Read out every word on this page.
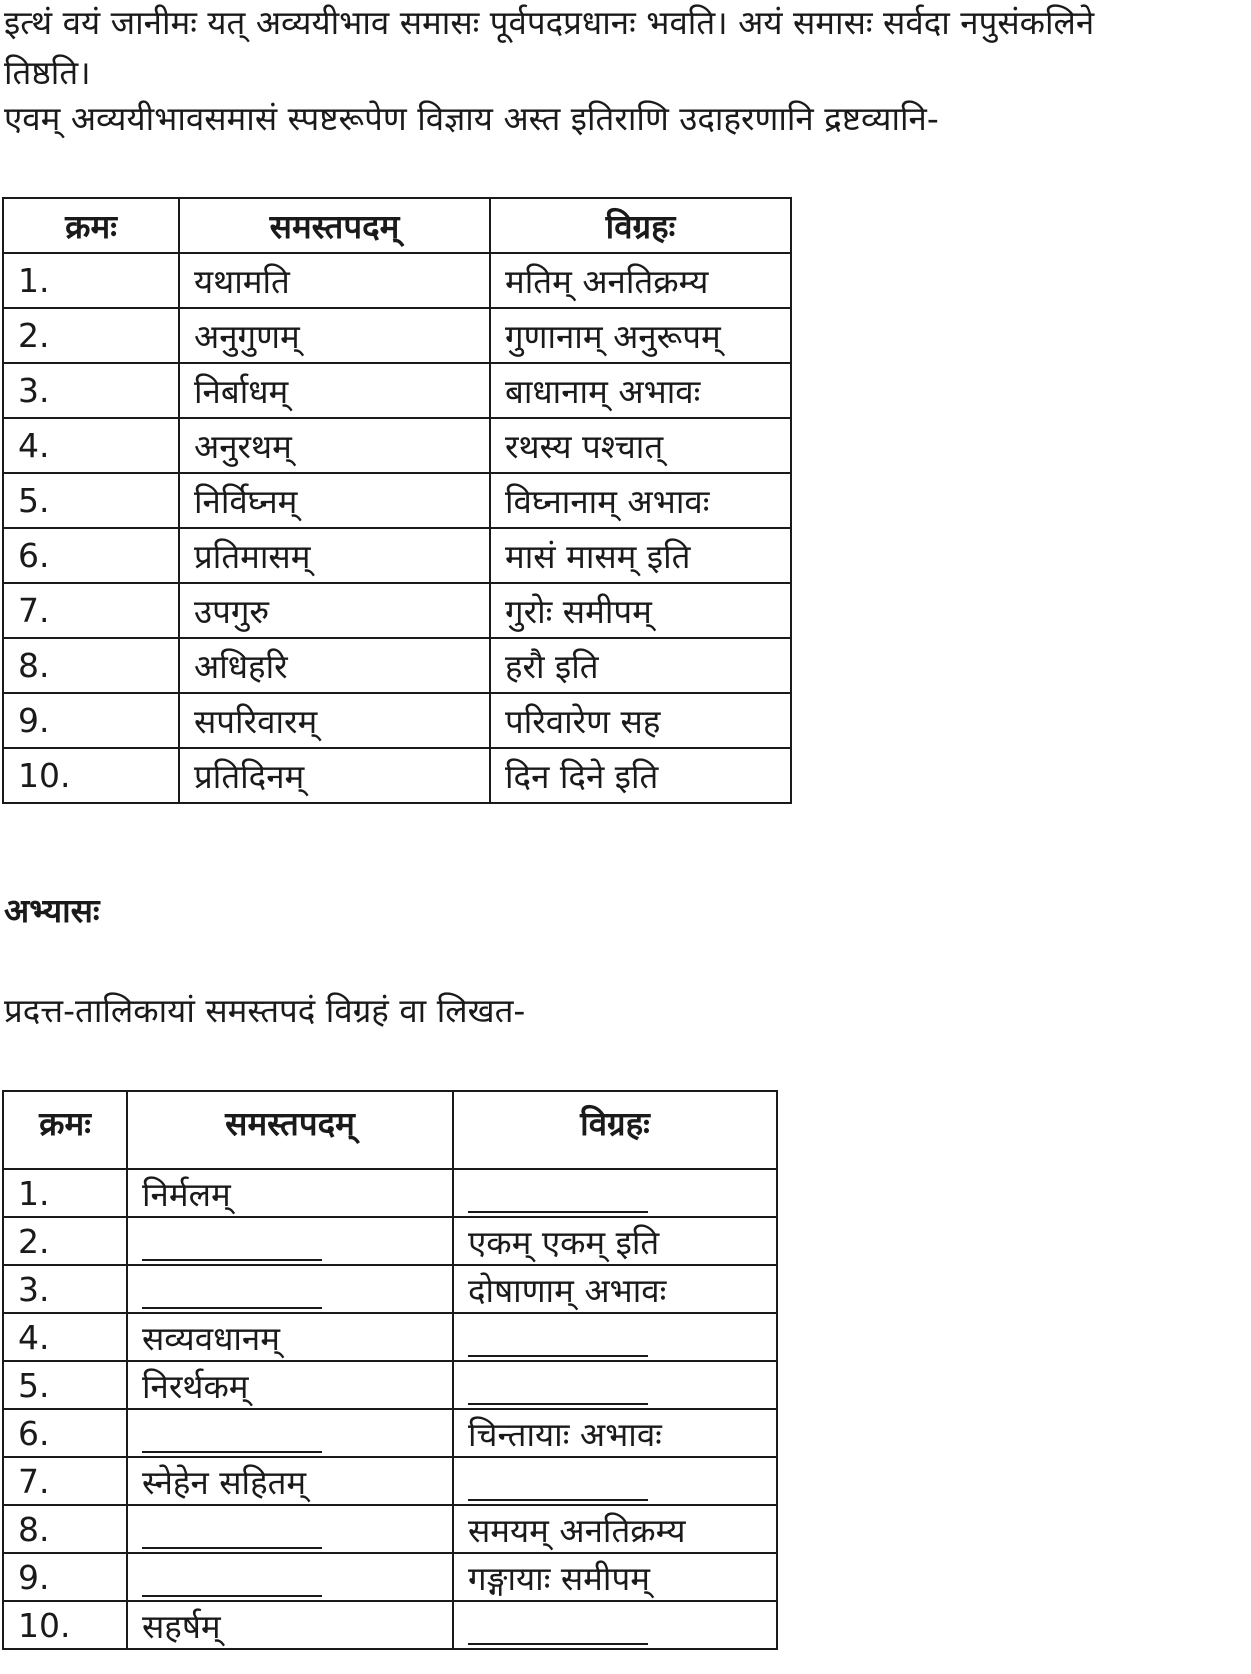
इत्थं वयं जानीमः यत् अव्ययीभाव समासः पूर्वपदप्रधानः भवति। अयं समासः सर्वदा नपुसंकलिने

तिष्ठति।

एवम् अव्ययीभावसमासं स्पष्टरूपेण विज्ञाय अस्त इतिराणि उदाहरणानि द्रष्टव्यानि-

क्रमः	समस्तपदम्	विग्रहः
1.	यथामति	मतिम् अनतिक्रम्य
2.	अनुगुणम्	गुणानाम् अनुरूपम्
3.	निर्बाधम्	बाधानाम् अभावः
4.	अनुरथम्	रथस्य पश्चात्
5.	निर्विघ्नम्	विघ्नानाम् अभावः
6.	प्रतिमासम्	मासं मासम् इति
7.	उपगुरु	गुरोः समीपम्
8.	अधिहरि	हरौ इति
9.	सपरिवारम्	परिवारेण सह
10.	प्रतिदिनम्	दिन दिने इति
अभ्यासः

प्रदत्त-तालिकायां समस्तपदं विग्रहं वा लिखत-

क्रमः	समस्तपदम्	विग्रहः
1.	निर्मलम्	
2.		एकम् एकम् इति
3.		दोषाणाम् अभावः
4.	सव्यवधानम्	
5.	निरर्थकम्	
6.		चिन्तायाः अभावः
7.	स्नेहेन सहितम्	
8.		समयम् अनतिक्रम्य
9.		गङ्गायाः समीपम्
10.	सहर्षम्	
